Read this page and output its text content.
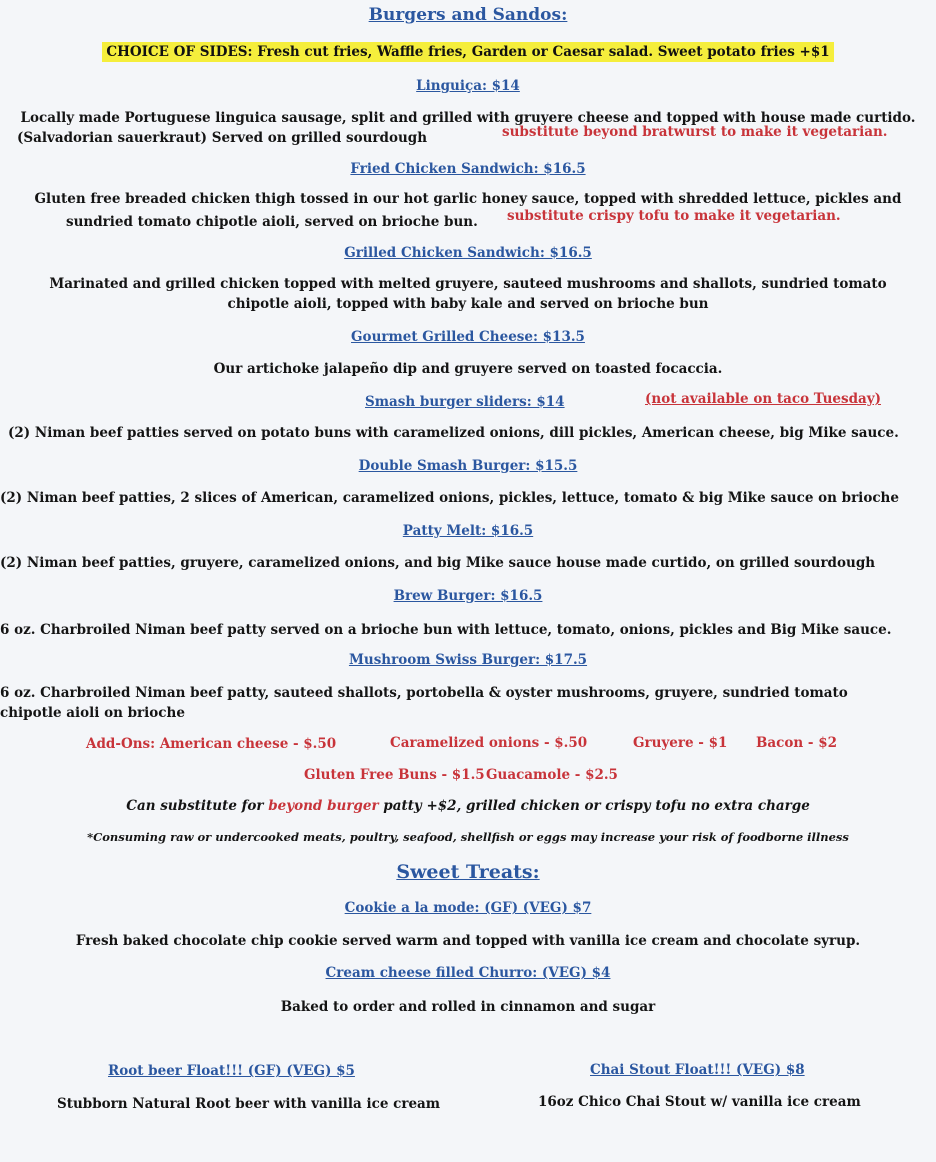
Burgers and Sandos:
CHOICE OF SIDES: Fresh cut fries, Waffle fries, Garden or Caesar salad. Sweet potato fries +$1
Linguiça: $14
Locally made Portuguese linguica sausage, split and grilled with gruyere cheese and topped with house made curtido.
(Salvadorian sauerkraut) Served on grilled sourdough	substitute beyond bratwurst to make it vegetarian.
Fried Chicken Sandwich: $16.5
Gluten free breaded chicken thigh tossed in our hot garlic honey sauce, topped with shredded lettuce, pickles and
sundried tomato chipotle aioli, served on brioche bun. substitute crispy tofu to make it vegetarian.
Grilled Chicken Sandwich: $16.5
Marinated and grilled chicken topped with melted gruyere, sauteed mushrooms and shallots, sundried tomato
chipotle aioli, topped with baby kale and served on brioche bun
Gourmet Grilled Cheese: $13.5
Our artichoke jalapeño dip and gruyere served on toasted focaccia.
Smash burger sliders: $14	(not available on taco Tuesday)
(2) Niman beef patties served on potato buns with caramelized onions, dill pickles, American cheese, big Mike sauce.
Double Smash Burger: $15.5
(2) Niman beef patties, 2 slices of American, caramelized onions, pickles, lettuce, tomato & big Mike sauce on brioche
Patty Melt: $16.5
(2) Niman beef patties, gruyere, caramelized onions, and big Mike sauce house made curtido, on grilled sourdough
Brew Burger: $16.5
6 oz. Charbroiled Niman beef patty served on a brioche bun with lettuce, tomato, onions, pickles and Big Mike sauce.
Mushroom Swiss Burger: $17.5
6 oz. Charbroiled Niman beef patty, sauteed shallots, portobella & oyster mushrooms, gruyere, sundried tomato
chipotle aioli on brioche
Add-Ons: American cheese - $.50	Caramelized onions - $.50	Gruyere - $1 Bacon - $2
Gluten Free Buns - $1.5 Guacamole - $2.5
Can substitute for beyond burger patty +$2, grilled chicken or crispy tofu no extra charge
*Consuming raw or undercooked meats, poultry, seafood, shellfish or eggs may increase your risk of foodborne illness
Sweet Treats:
Cookie a la mode: (GF) (VEG) $7
Fresh baked chocolate chip cookie served warm and topped with vanilla ice cream and chocolate syrup.
Cream cheese filled Churro: (VEG) $4
Baked to order and rolled in cinnamon and sugar
Root beer Float!!! (GF) (VEG) $5
Stubborn Natural Root beer with vanilla ice cream
Chai Stout Float!!! (VEG) $8
16oz Chico Chai Stout w/ vanilla ice cream
